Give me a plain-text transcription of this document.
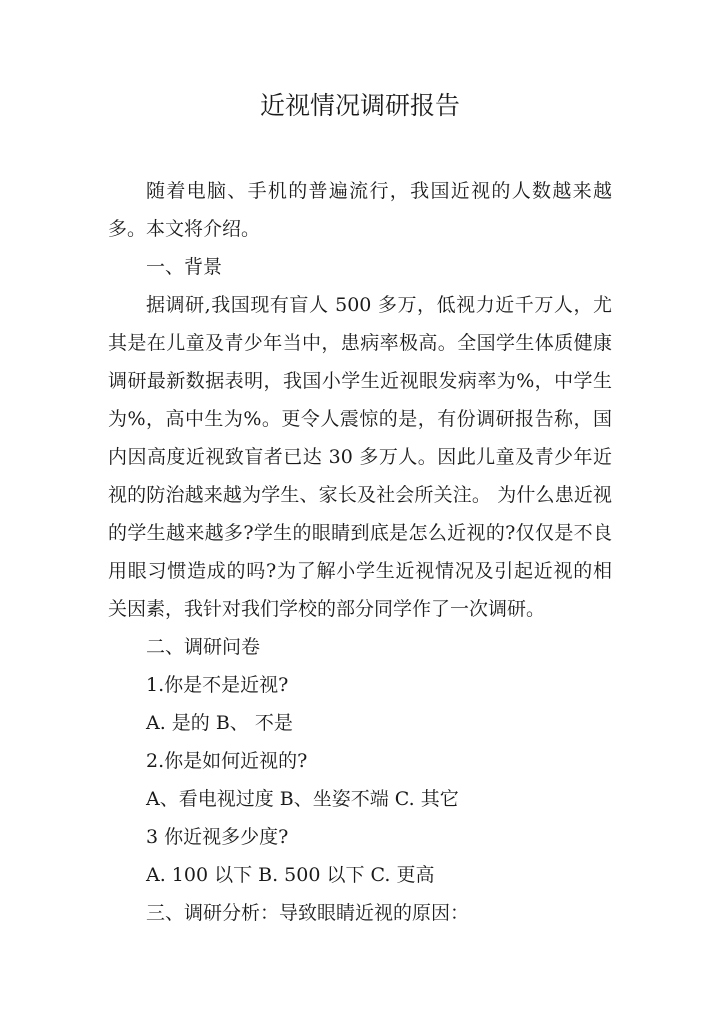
近视情况调研报告

随着电脑、手机的普遍流行，我国近视的人数越来越多。本文将介绍。

一、背景

据调研,我国现有盲人 500 多万，低视力近千万人，尤其是在儿童及青少年当中，患病率极高。全国学生体质健康调研最新数据表明，我国小学生近视眼发病率为%，中学生为%，高中生为%。更令人震惊的是，有份调研报告称，国内因高度近视致盲者已达 30 多万人。因此儿童及青少年近视的防治越来越为学生、家长及社会所关注。 为什么患近视的学生越来越多?学生的眼睛到底是怎么近视的?仅仅是不良用眼习惯造成的吗?为了解小学生近视情况及引起近视的相关因素，我针对我们学校的部分同学作了一次调研。

二、调研问卷

1.你是不是近视?

A. 是的 B、 不是

2.你是如何近视的?

A、看电视过度 B、坐姿不端 C. 其它

3 你近视多少度?

A. 100 以下 B. 500 以下 C. 更高

三、调研分析：导致眼睛近视的原因：
